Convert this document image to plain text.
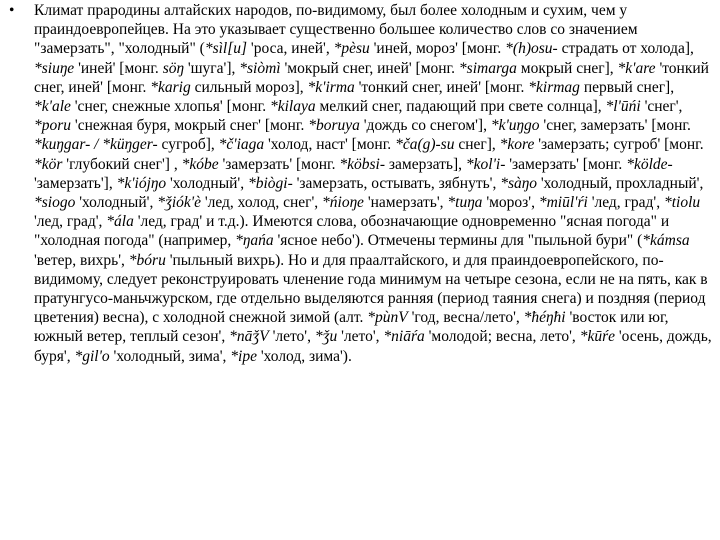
• Климат прародины алтайских народов, по-видимому, был более холодным и сухим, чем у праиндоевропейцев. На это указывает существенно большее количество слов со значением "замерзать", "холодный" (*sìl[u] 'роса, иней', *pèsu 'иней, мороз' [монг. *(h)osu- страдать от холода], *siuŋe 'иней' [монг. söŋ 'шуга'], *siòmì 'мокрый снег, иней' [монг. *simarga мокрый снег], *k'are 'тонкий снег, иней' [монг. *karig сильный мороз], *k'irma 'тонкий снег, иней' [монг. *kirmag первый снег], *k'ale 'снег, снежные хлопья' [монг. *kilaya мелкий снег, падающий при свете солнца], *l'ūńi 'снег', *poru 'снежная буря, мокрый снег' [монг. *boruya 'дождь со снегом'], *k'uŋgo 'снег, замерзать' [монг. *kuŋgar- / *küŋger- сугроб], *č'iaga 'холод, наст' [монг. *ča(g)-su снег], *kore 'замерзать; сугроб' [монг. *kör 'глубокий снег'] , *kóbe 'замерзать' [монг. *köbsi- замерзать], *kol'i- 'замерзать' [монг. *kölde- 'замерзать'], *k'iójŋo 'холодный', *biògi- 'замерзать, остывать, зябнуть', *sàŋo 'холодный, прохладный', *siogo 'холодный', *ǯiók'è 'лед, холод, снег', *ńioŋe 'намерзать', *tuŋa 'мороз', *miūl'ŕi 'лед, град', *tiolu 'лед, град', *ála 'лед, град' и т.д.). Имеются слова, обозначающие одновременно "ясная погода" и "холодная погода" (например, *ŋańa 'ясное небо'). Отмечены термины для "пыльной бури" (*kámsa 'ветер, вихрь', *bóru 'пыльный вихрь). Но и для праалтайского, и для праиндоевропейского, по-видимому, следует реконструировать членение года минимум на четыре сезона, если не на пять, как в пратунгусо-маньчжурском, где отдельно выделяются ранняя (период таяния снега) и поздняя (период цветения) весна), с холодной снежной зимой (алт. *pùnV 'год, весна/лето', *ħéŋħi 'восток или юг, южный ветер, теплый сезон', *nāǯV 'лето', *ǯu 'лето', *niāŕa 'молодой; весна, лето', *kūŕe 'осень, дождь, буря', *gil'o 'холодный, зима', *ipe 'холод, зима').
